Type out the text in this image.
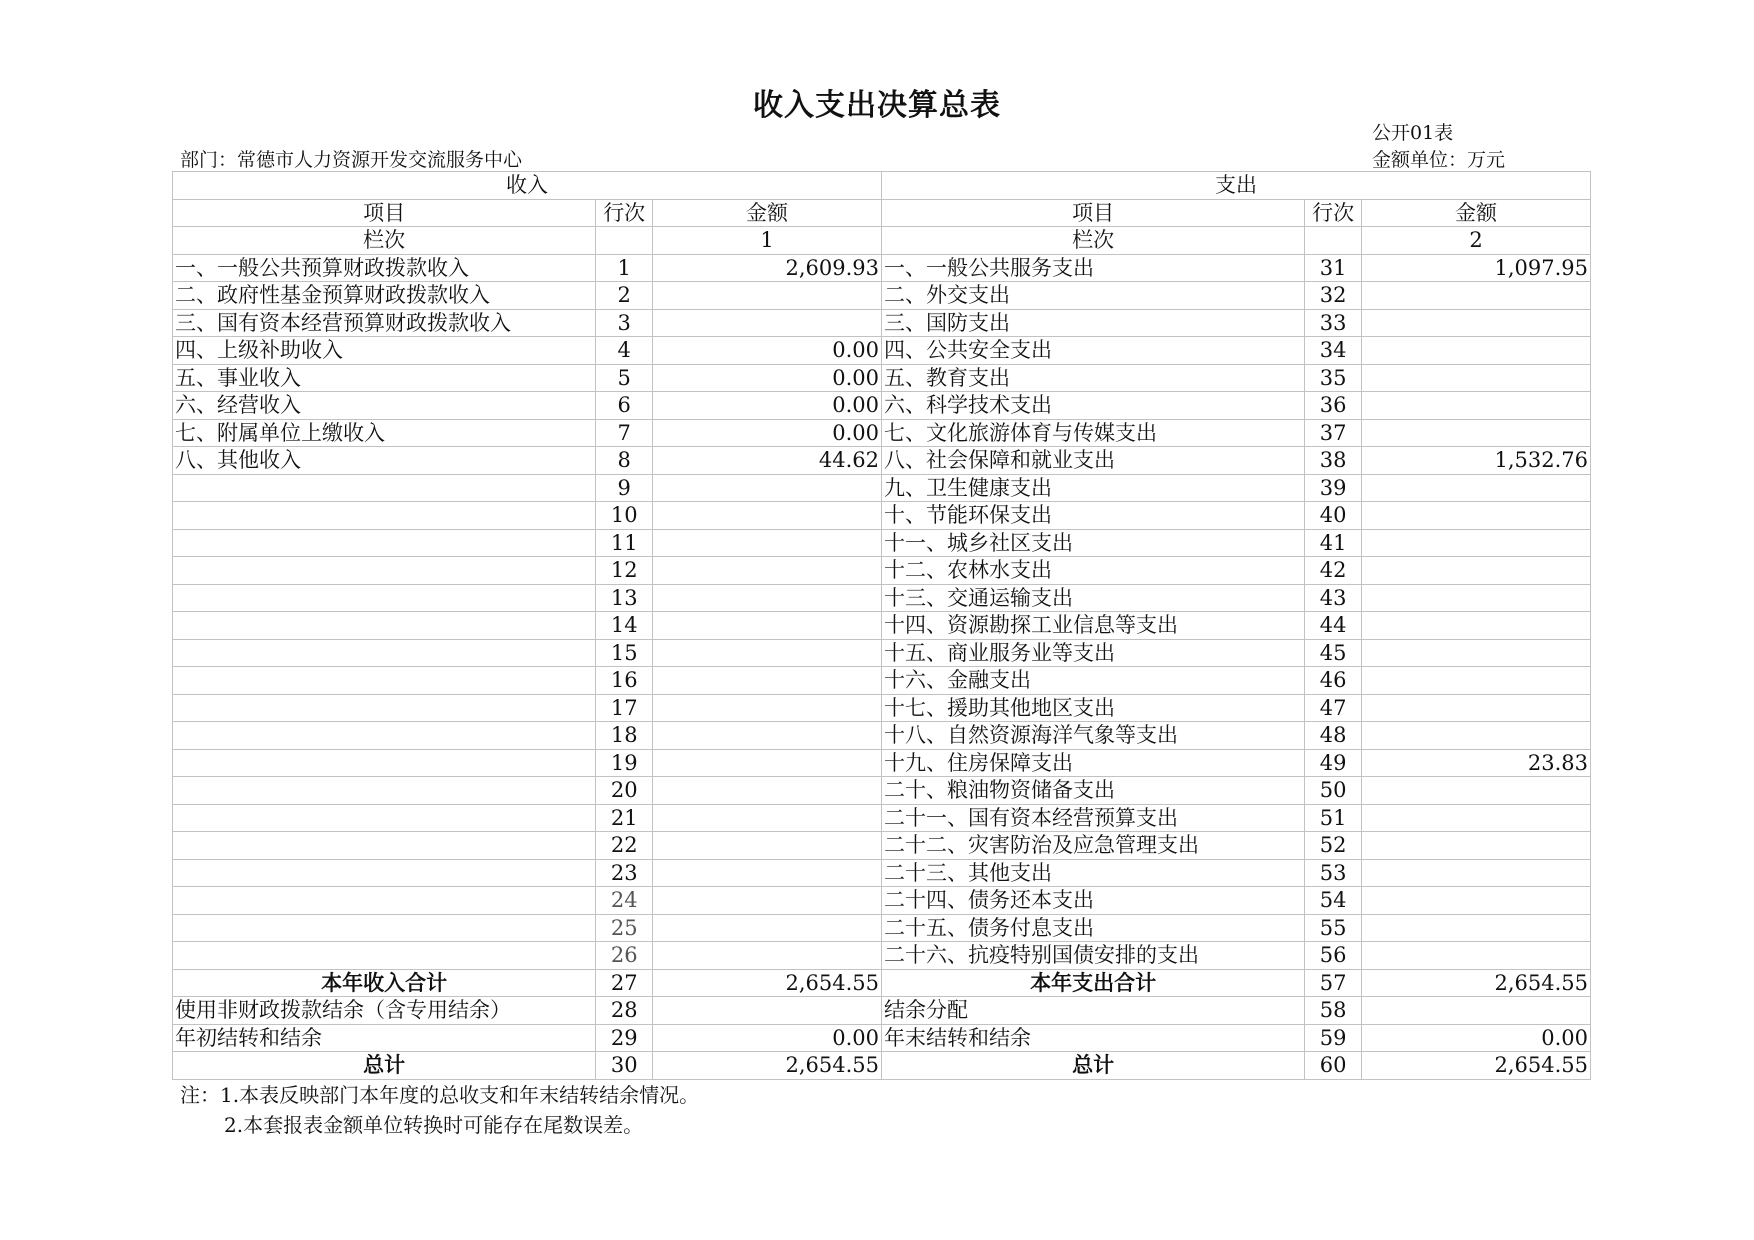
收入支出决算总表
公开01表
金额单位：万元
部门：常德市人力资源开发交流服务中心
收入			支出		
项目	行次	金额	项目	行次	金额
栏次		1	栏次		2
一、一般公共预算财政拨款收入	1	2,609.93	一、一般公共服务支出	31	1,097.95
二、政府性基金预算财政拨款收入	2		二、外交支出	32	
三、国有资本经营预算财政拨款收入	3		三、国防支出	33	
四、上级补助收入	4	0.00	四、公共安全支出	34	
五、事业收入	5	0.00	五、教育支出	35	
六、经营收入	6	0.00	六、科学技术支出	36	
七、附属单位上缴收入	7	0.00	七、文化旅游体育与传媒支出	37	
八、其他收入	8	44.62	八、社会保障和就业支出	38	1,532.76
	9		九、卫生健康支出	39	
	10		十、节能环保支出	40	
	11		十一、城乡社区支出	41	
	12		十二、农林水支出	42	
	13		十三、交通运输支出	43	
	14		十四、资源勘探工业信息等支出	44	
	15		十五、商业服务业等支出	45	
	16		十六、金融支出	46	
	17		十七、援助其他地区支出	47	
	18		十八、自然资源海洋气象等支出	48	
	19		十九、住房保障支出	49	23.83
	20		二十、粮油物资储备支出	50	
	21		二十一、国有资本经营预算支出	51	
	22		二十二、灾害防治及应急管理支出	52	
	23		二十三、其他支出	53	
	24		二十四、债务还本支出	54	
	25		二十五、债务付息支出	55	
	26		二十六、抗疫特别国债安排的支出	56	
本年收入合计	27	2,654.55	本年支出合计	57	2,654.55
使用非财政拨款结余（含专用结余）	28		结余分配	58	
年初结转和结余	29	0.00	年末结转和结余	59	0.00
总计	30	2,654.55	总计	60	2,654.55
注：1.本表反映部门本年度的总收支和年末结转结余情况。
2.本套报表金额单位转换时可能存在尾数误差。
